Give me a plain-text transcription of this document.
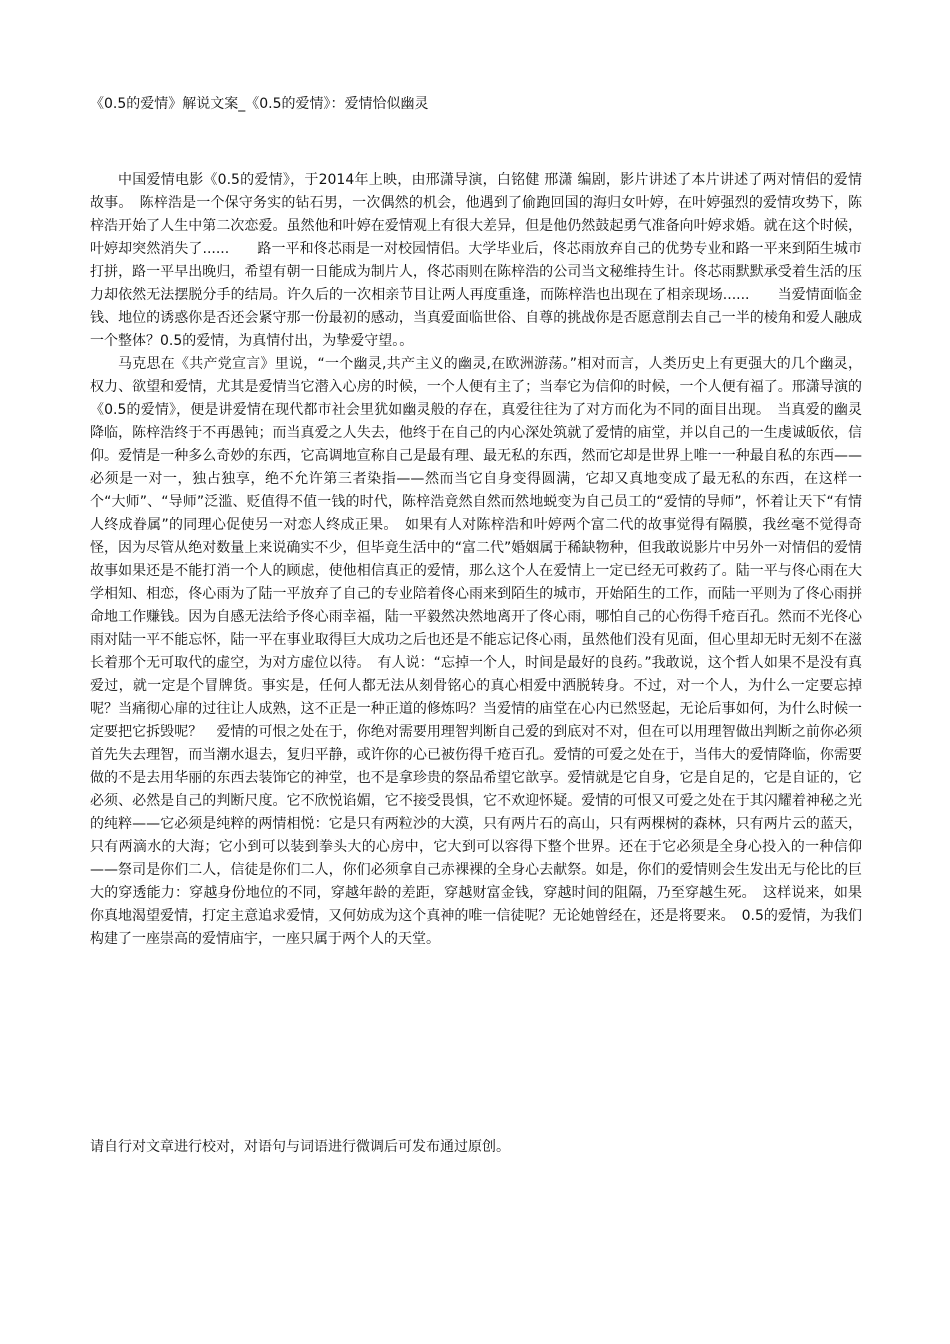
《0.5的爱情》解说文案_《0.5的爱情》：爱情恰似幽灵

中国爱情电影《0.5的爱情》，于2014年上映，由邢潇导演，白铭健 邢潇 编剧，影片讲述了本片讲述了两对情侣的爱情故事。　陈梓浩是一个保守务实的钻石男，一次偶然的机会，他遇到了偷跑回国的海归女叶婷，在叶婷强烈的爱情攻势下，陈梓浩开始了人生中第二次恋爱。虽然他和叶婷在爱情观上有很大差异，但是他仍然鼓起勇气准备向叶婷求婚。就在这个时候，叶婷却突然消失了......　　路一平和佟芯雨是一对校园情侣。大学毕业后，佟芯雨放弃自己的优势专业和路一平来到陌生城市打拼，路一平早出晚归，希望有朝一日能成为制片人，佟芯雨则在陈梓浩的公司当文秘维持生计。佟芯雨默默承受着生活的压力却依然无法摆脱分手的结局。许久后的一次相亲节目让两人再度重逢，而陈梓浩也出现在了相亲现场......　　当爱情面临金钱、地位的诱惑你是否还会紧守那一份最初的感动，当真爱面临世俗、自尊的挑战你是否愿意削去自己一半的棱角和爱人融成一个整体？0.5的爱情，为真情付出，为挚爱守望。。

马克思在《共产党宣言》里说，“一个幽灵,共产主义的幽灵,在欧洲游荡。”相对而言，人类历史上有更强大的几个幽灵，权力、欲望和爱情，尤其是爱情当它潜入心房的时候，一个人便有主了；当奉它为信仰的时候，一个人便有福了。邢潇导演的《0.5的爱情》，便是讲爱情在现代都市社会里犹如幽灵般的存在，真爱往往为了对方而化为不同的面目出现。　当真爱的幽灵降临，陈梓浩终于不再愚钝；而当真爱之人失去，他终于在自己的内心深处筑就了爱情的庙堂，并以自己的一生虔诚皈依，信仰。爱情是一种多么奇妙的东西，它高调地宣称自己是最有理、最无私的东西，然而它却是世界上唯一一种最自私的东西——必须是一对一，独占独享，绝不允许第三者染指——然而当它自身变得圆满，它却又真地变成了最无私的东西，在这样一个“大师”、“导师”泛滥、贬值得不值一钱的时代，陈梓浩竟然自然而然地蜕变为自己员工的“爱情的导师”，怀着让天下“有情人终成眷属”的同理心促使另一对恋人终成正果。　如果有人对陈梓浩和叶婷两个富二代的故事觉得有隔膜，我丝毫不觉得奇怪，因为尽管从绝对数量上来说确实不少，但毕竟生活中的“富二代”婚姻属于稀缺物种，但我敢说影片中另外一对情侣的爱情故事如果还是不能打消一个人的顾虑，使他相信真正的爱情，那么这个人在爱情上一定已经无可救药了。陆一平与佟心雨在大学相知、相恋，佟心雨为了陆一平放弃了自己的专业陪着佟心雨来到陌生的城市，开始陌生的工作，而陆一平则为了佟心雨拼命地工作赚钱。因为自感无法给予佟心雨幸福，陆一平毅然决然地离开了佟心雨，哪怕自己的心伤得千疮百孔。然而不光佟心雨对陆一平不能忘怀，陆一平在事业取得巨大成功之后也还是不能忘记佟心雨，虽然他们没有见面，但心里却无时无刻不在滋长着那个无可取代的虚空，为对方虚位以待。　有人说：“忘掉一个人，时间是最好的良药。”我敢说，这个哲人如果不是没有真爱过，就一定是个冒牌货。事实是，任何人都无法从刻骨铭心的真心相爱中洒脱转身。不过，对一个人，为什么一定要忘掉呢？当痛彻心扉的过往让人成熟，这不正是一种正道的修炼吗？当爱情的庙堂在心内已然竖起，无论后事如何，为什么时候一定要把它拆毁呢？　爱情的可恨之处在于，你绝对需要用理智判断自己爱的到底对不对，但在可以用理智做出判断之前你必须首先失去理智，而当潮水退去，复归平静，或许你的心已被伤得千疮百孔。爱情的可爱之处在于，当伟大的爱情降临，你需要做的不是去用华丽的东西去装饰它的神堂，也不是拿珍贵的祭品希望它歆享。爱情就是它自身，它是自足的，它是自证的，它必须、必然是自己的判断尺度。它不欣悦谄媚，它不接受畏惧，它不欢迎怀疑。爱情的可恨又可爱之处在于其闪耀着神秘之光的纯粹——它必须是纯粹的两情相悦：它是只有两粒沙的大漠，只有两片石的高山，只有两棵树的森林，只有两片云的蓝天，只有两滴水的大海；它小到可以装到拳头大的心房中，它大到可以容得下整个世界。还在于它必须是全身心投入的一种信仰——祭司是你们二人，信徒是你们二人，你们必须拿自己赤裸裸的全身心去献祭。如是，你们的爱情则会生发出无与伦比的巨大的穿透能力：穿越身份地位的不同，穿越年龄的差距，穿越财富金钱，穿越时间的阻隔，乃至穿越生死。　这样说来，如果你真地渴望爱情，打定主意追求爱情，又何妨成为这个真神的唯一信徒呢？无论她曾经在，还是将要来。　0.5的爱情，为我们构建了一座崇高的爱情庙宇，一座只属于两个人的天堂。

请自行对文章进行校对，对语句与词语进行微调后可发布通过原创。
